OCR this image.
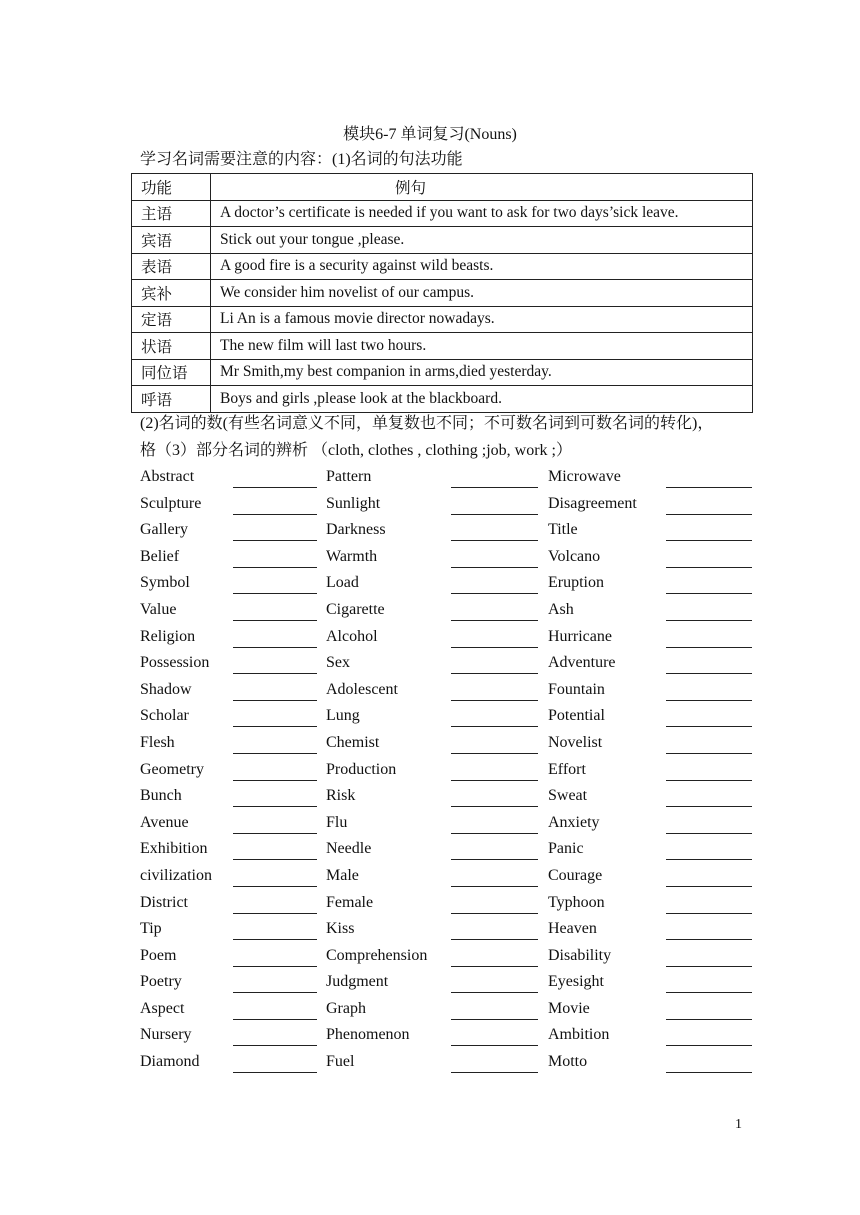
模块6-7 单词复习(Nouns)
学习名词需要注意的内容：(1)名词的句法功能
功能	例句
主语	A doctor’s certificate is needed if you want to ask for two days’sick leave.
宾语	Stick out your tongue ,please.
表语	A good fire is a security against wild beasts.
宾补	We consider him novelist of our campus.
定语	Li An is a famous movie director nowadays.
状语	The new film will last two hours.
同位语	Mr Smith,my best companion in arms,died yesterday.
呼语	Boys and girls ,please look at the blackboard.
(2)名词的数(有些名词意义不同，单复数也不同；不可数名词到可数名词的转化)，
格（3）部分名词的辨析 （cloth, clothes , clothing ;job, work ;）
Abstract	Pattern	Microwave
Sculpture	Sunlight	Disagreement
Gallery	Darkness	Title
Belief	Warmth	Volcano
Symbol	Load	Eruption
Value	Cigarette	Ash
Religion	Alcohol	Hurricane
Possession	Sex	Adventure
Shadow	Adolescent	Fountain
Scholar	Lung	Potential
Flesh	Chemist	Novelist
Geometry	Production	Effort
Bunch	Risk	Sweat
Avenue	Flu	Anxiety
Exhibition	Needle	Panic
civilization	Male	Courage
District	Female	Typhoon
Tip	Kiss	Heaven
Poem	Comprehension	Disability
Poetry	Judgment	Eyesight
Aspect	Graph	Movie
Nursery	Phenomenon	Ambition
Diamond	Fuel	Motto
1
